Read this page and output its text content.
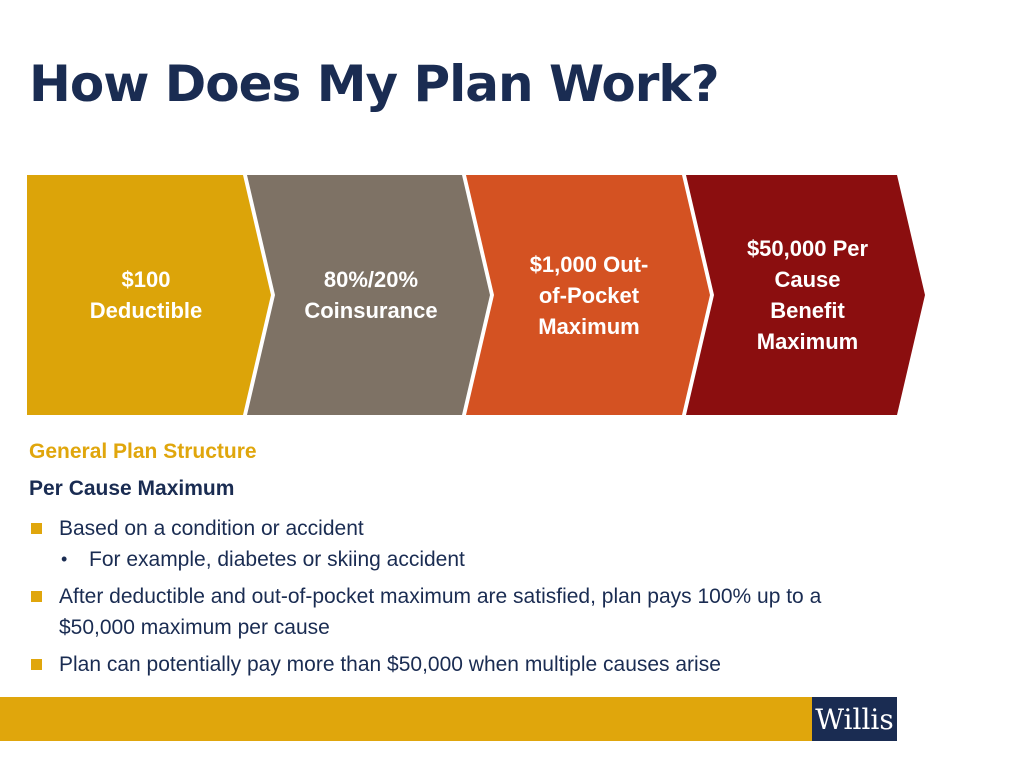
How Does My Plan Work?
$100
Deductible
80%/20%
Coinsurance
$1,000 Out-
of-Pocket
Maximum
$50,000 Per
Cause
Benefit
Maximum
General Plan Structure
Per Cause Maximum
Based on a condition or accident
• For example, diabetes or skiing accident
After deductible and out-of-pocket maximum are satisfied, plan pays 100% up to a $50,000 maximum per cause
Plan can potentially pay more than $50,000 when multiple causes arise
Willis
